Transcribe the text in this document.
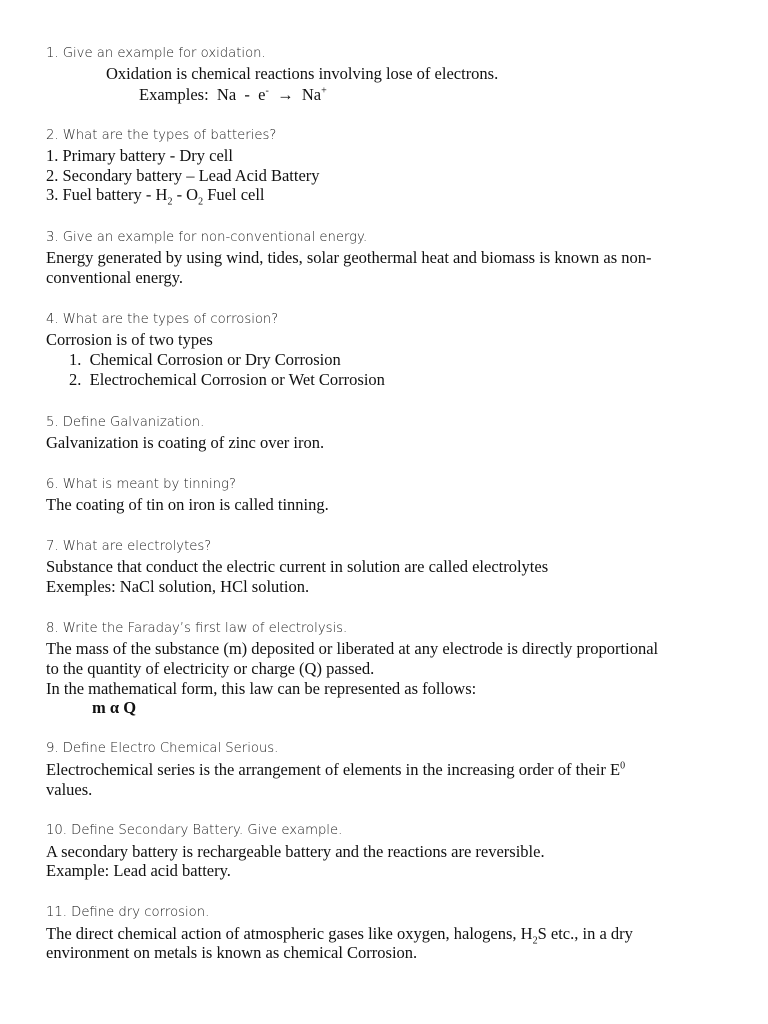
1. Give an example for oxidation.

Oxidation is chemical reactions involving lose of electrons.

Examples: Na - e- → Na+

2. What are the types of batteries?

1. Primary battery - Dry cell

2. Secondary battery – Lead Acid Battery

3. Fuel battery - $H_2 - O_2$ Fuel cell

3. Give an example for non-conventional energy.

Energy generated by using wind, tides, solar geothermal heat and biomass is known as non-conventional energy.

4. What are the types of corrosion?

Corrosion is of two types

1. Chemical Corrosion or Dry Corrosion

2. Electrochemical Corrosion or Wet Corrosion

5. Define Galvanization.

Galvanization is coating of zinc over iron.

6. What is meant by tinning?

The coating of tin on iron is called tinning.

7. What are electrolytes?

Substance that conduct the electric current in solution are called electrolytes

Exemples: NaCl solution, HCl solution.

8. Write the Faraday’s first law of electrolysis.

The mass of the substance (m) deposited or liberated at any electrode is directly proportional

to the quantity of electricity or charge (Q) passed.

In the mathematical form, this law can be represented as follows:

m α Q

9. Define Electro Chemical Serious.

Electrochemical series is the arrangement of elements in the increasing order of their $E^0$

values.

10. Define Secondary Battery. Give example.

A secondary battery is rechargeable battery and the reactions are reversible.

Example: Lead acid battery.

11. Define dry corrosion.

The direct chemical action of atmospheric gases like oxygen, halogens, $H_2S$ etc., in a dry

environment on metals is known as chemical Corrosion.
